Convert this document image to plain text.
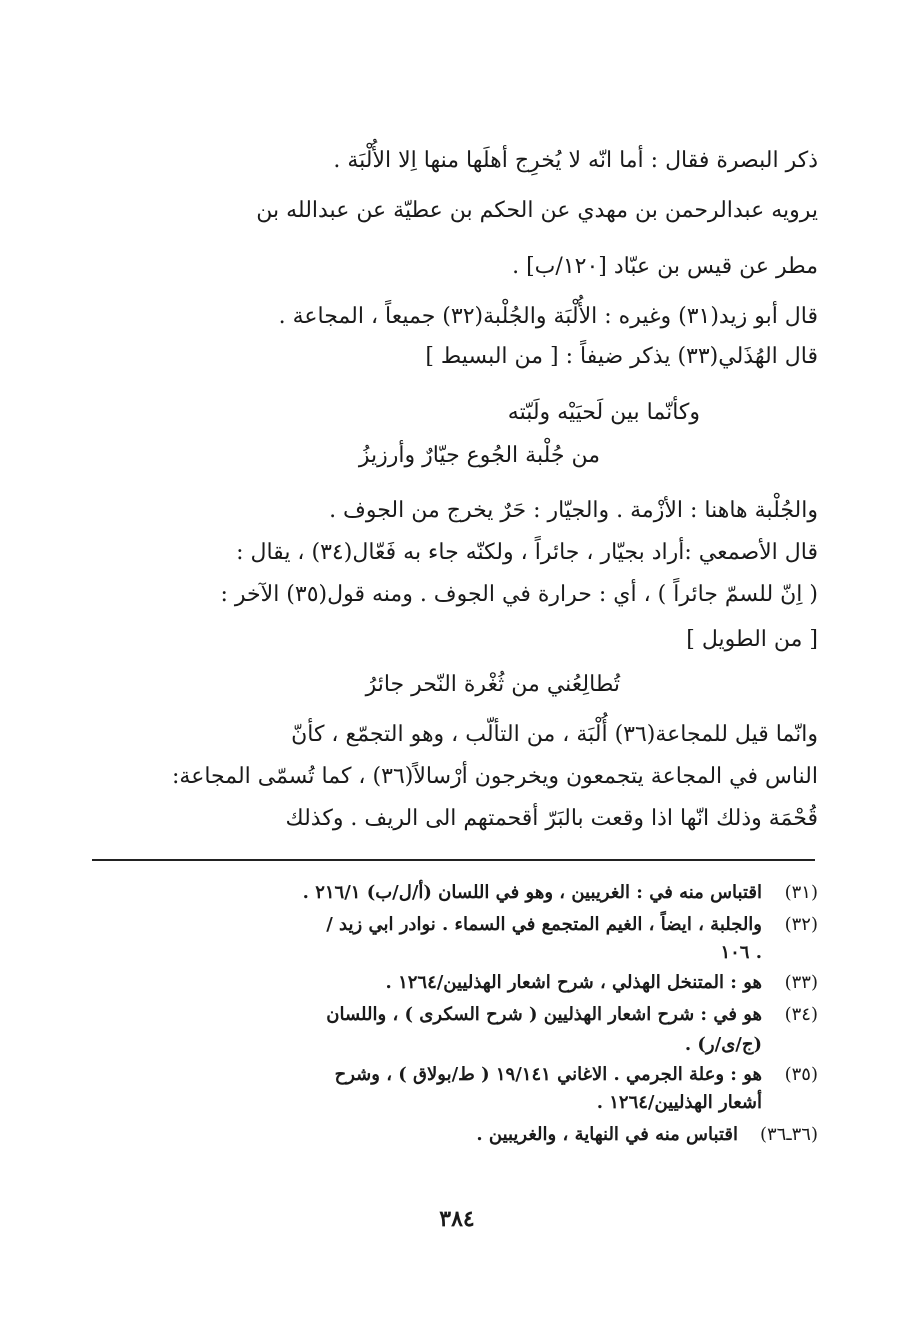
ذكر البصرة فقال : أما انّه لا يُخرِج أهلَها منها اِلا الأُلْبَة .
يرويه عبدالرحمن بن مهدي عن الحكم بن عطيّة عن عبدالله بن
مطر عن قيس بن عبّاد [١٢٠/ب] .
قال أبو زيد(٣١) وغيره : الأُلْبَة والجُلْبة(٣٢) جميعاً ، المجاعة .
قال الهُذَلي(٣٣) يذكر ضيفاً : [ من البسيط ]
وكأنّما بين لَحيَيْه ولَبّته
من جُلْبة الجُوع جيّارٌ وأرزيزُ
والجُلْبة هاهنا : الأزْمة . والجيّار : حَرٌ يخرج من الجوف .
قال الأصمعي :أراد بجيّار ، جائراً ، ولكنّه جاء به فَعّال(٣٤) ، يقال :
( اِنّ للسمّ جائراً ) ، أي : حرارة في الجوف . ومنه قول(٣٥) الآخر :
[ من الطويل ]
تُطالِعُني من ثُغْرة النّحر جائرُ
وانّما قيل للمجاعة(٣٦) أُلْبَة ، من التألّب ، وهو التجمّع ، كأنّ
الناس في المجاعة يتجمعون ويخرجون أرْسالاً(٣٦) ، كما تُسمّى المجاعة:
قُحْمَة وذلك انّها اذا وقعت بالبَرّ أقحمتهم الى الريف . وكذلك
(٣١)
اقتباس منه في : الغريبين ، وهو في اللسان (أ/ل/ب) ٢١٦/١ .
(٣٢)
والجلبة ، ايضاً ، الغيم المتجمع في السماء . نوادر ابي زيد /
. ١٠٦
(٣٣)
هو : المتنخل الهذلي ، شرح اشعار الهذليين/١٢٦٤ .
(٣٤)
هو في : شرح اشعار الهذليين ( شرح السكرى ) ، واللسان
(ج/ى/ر) .
(٣٥)
هو : وعلة الجرمي . الاغاني ١٩/١٤١ ( ط/بولاق ) ، وشرح
أشعار الهذليين/١٢٦٤ .
(٣٦ـ٣٦)
اقتباس منه في النهاية ، والغريبين .
٣٨٤
